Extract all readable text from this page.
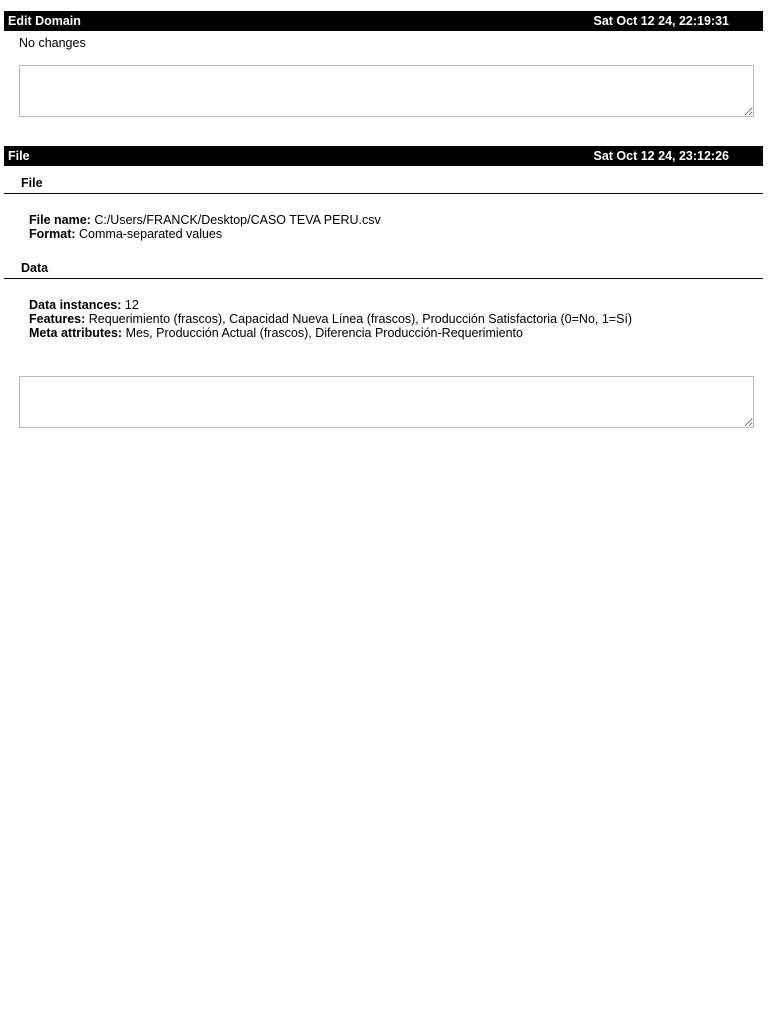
Edit Domain	Sat Oct 12 24, 22:19:31
No changes
File	Sat Oct 12 24, 23:12:26
File
File name: C:/Users/FRANCK/Desktop/CASO TEVA PERU.csv
Format: Comma-separated values
Data
Data instances: 12
Features: Requerimiento (frascos), Capacidad Nueva Línea (frascos), Producción Satisfactoria (0=No, 1=Sí)
Meta attributes: Mes, Producción Actual (frascos), Diferencia Producción-Requerimiento
